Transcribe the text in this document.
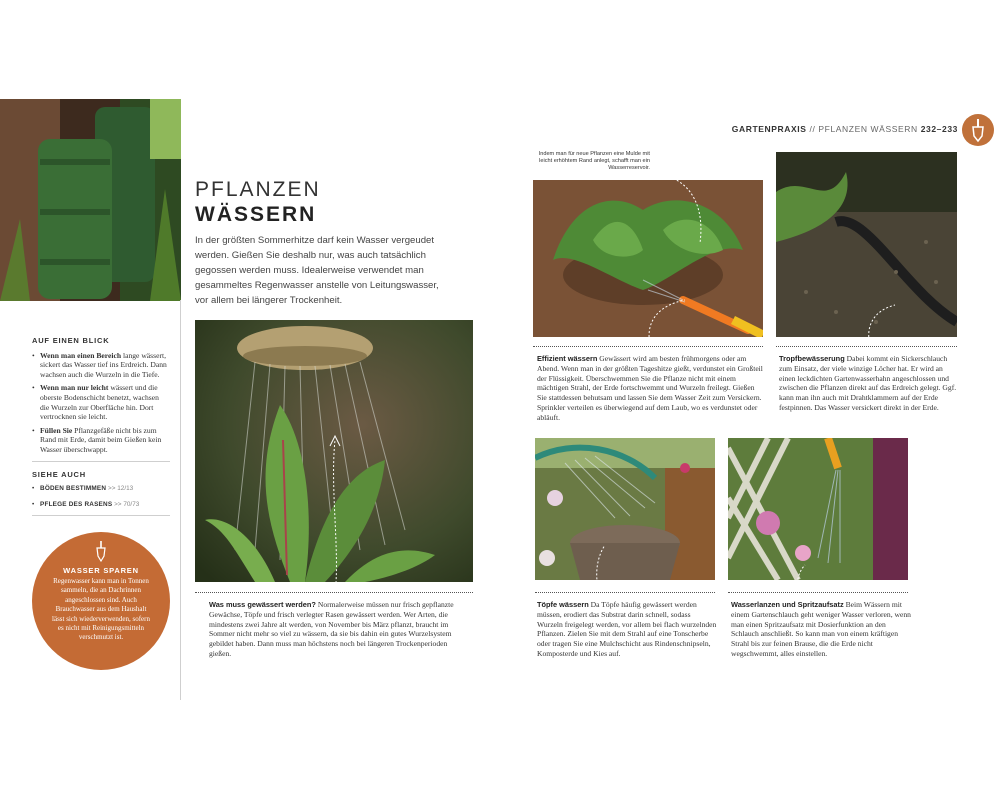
GARTENPRAXIS // PFLANZEN WÄSSERN 232–233
PFLANZEN
WÄSSERN
In der größten Sommerhitze darf kein Wasser vergeudet werden. Gießen Sie deshalb nur, was auch tatsächlich gegossen werden muss. Idealerweise verwendet man gesammeltes Regenwasser anstelle von Leitungswasser, vor allem bei längerer Trockenheit.
AUF EINEN BLICK
• Wenn man einen Bereich lange wässert, sickert das Wasser tief ins Erdreich. Dann wachsen auch die Wurzeln in die Tiefe.
• Wenn man nur leicht wässert und die oberste Bodenschicht benetzt, wachsen die Wurzeln zur Oberfläche hin. Dort vertrocknen sie leicht.
• Füllen Sie Pflanzgefäße nicht bis zum Rand mit Erde, damit beim Gießen kein Wasser überschwappt.
SIEHE AUCH
• BÖDEN BESTIMMEN >> 12/13
• PFLEGE DES RASENS >> 70/73
WASSER SPAREN
Regenwasser kann man in Tonnen sammeln, die an Dachrinnen angeschlossen sind. Auch Brauchwasser aus dem Haushalt lässt sich wiederverwenden, sofern es nicht mit Reinigungsmitteln verschmutzt ist.
Indem man für neue Pflanzen eine Mulde mit leicht erhöhtem Rand anlegt, schafft man ein Wasserreservoir.
Was muss gewässert werden? Normalerweise müssen nur frisch gepflanzte Gewächse, Töpfe und frisch verlegter Rasen gewässert werden. Wer Arten, die mindestens zwei Jahre alt werden, von November bis März pflanzt, braucht im Sommer nicht mehr so viel zu wässern, da sie bis dahin ein gutes Wurzelsystem gebildet haben. Dann muss man höchstens noch bei längeren Trockenperioden gießen.
Effizient wässern Gewässert wird am besten frühmorgens oder am Abend. Wenn man in der größten Tageshitze gießt, verdunstet ein Großteil der Flüssigkeit. Überschwemmen Sie die Pflanze nicht mit einem mächtigen Strahl, der Erde fortschwemmt und Wurzeln freilegt. Gießen Sie stattdessen behutsam und lassen Sie dem Wasser Zeit zum Versickern. Sprinkler verteilen es überwiegend auf dem Laub, wo es verdunstet oder abläuft.
Tropfbewässerung Dabei kommt ein Sickerschlauch zum Einsatz, der viele winzige Löcher hat. Er wird an einen leckdichten Gartenwasserhahn angeschlossen und zwischen die Pflanzen direkt auf das Erdreich gelegt. Ggf. kann man ihn auch mit Drahtklammern auf der Erde festpinnen. Das Wasser versickert direkt in der Erde.
Töpfe wässern Da Töpfe häufig gewässert werden müssen, erodiert das Substrat darin schnell, sodass Wurzeln freigelegt werden, vor allem bei flach wurzelnden Pflanzen. Zielen Sie mit dem Strahl auf eine Tonscherbe oder tragen Sie eine Mulchschicht aus Rindenschnipseln, Komposterde und Kies auf.
Wasserlanzen und Spritzaufsatz Beim Wässern mit einem Gartenschlauch geht weniger Wasser verloren, wenn man einen Spritzaufsatz mit Dosierfunktion an den Schlauch anschließt. So kann man von einem kräftigen Strahl bis zur feinen Brause, die die Erde nicht wegschwemmt, alles einstellen.
